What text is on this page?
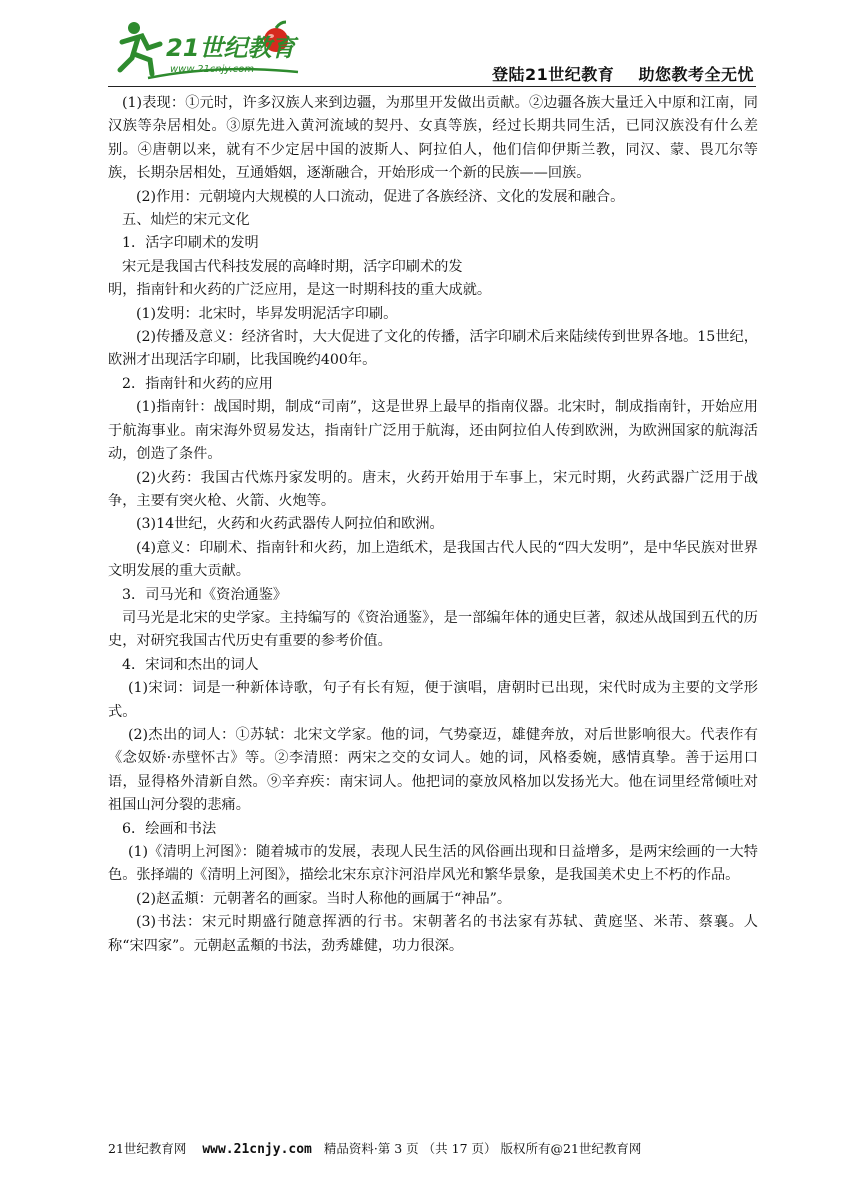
21世纪教育
www.21cnjy.com	登陆21世纪教育    助您教考全无忧

(1)表现：①元时，许多汉族人来到边疆，为那里开发做出贡献。②边疆各族大量迁入中原和江南，同汉族等杂居相处。③原先进入黄河流域的契丹、女真等族，经过长期共同生活，已同汉族没有什么差别。④唐朝以来，就有不少定居中国的波斯人、阿拉伯人，他们信仰伊斯兰教，同汉、蒙、畏兀尔等族，长期杂居相处，互通婚姻，逐渐融合，开始形成一个新的民族——回族。

(2)作用：元朝境内大规模的人口流动，促进了各族经济、文化的发展和融合。

五、灿烂的宋元文化

1．活字印刷术的发明

宋元是我国古代科技发展的高峰时期，活字印刷术的发

明，指南针和火药的广泛应用，是这一时期科技的重大成就。

(1)发明：北宋时，毕昇发明泥活字印刷。

(2)传播及意义：经济省时，大大促进了文化的传播，活字印刷术后来陆续传到世界各地。15世纪，欧洲才出现活字印刷，比我国晚约400年。

2．指南针和火药的应用

(1)指南针：战国时期，制成“司南”，这是世界上最早的指南仪器。北宋时，制成指南针，开始应用于航海事业。南宋海外贸易发达，指南针广泛用于航海，还由阿拉伯人传到欧洲，为欧洲国家的航海活动，创造了条件。

(2)火药：我国古代炼丹家发明的。唐末，火药开始用于车事上，宋元时期，火药武器广泛用于战争，主要有突火枪、火箭、火炮等。

(3)14世纪，火药和火药武器传人阿拉伯和欧洲。

(4)意义：印刷术、指南针和火药，加上造纸术，是我国古代人民的“四大发明”，是中华民族对世界文明发展的重大贡献。

3．司马光和《资治通鉴》

司马光是北宋的史学家。主持编写的《资治通鉴》，是一部编年体的通史巨著，叙述从战国到五代的历史，对研究我国古代历史有重要的参考价值。

4．宋词和杰出的词人

(1)宋词：词是一种新体诗歌，句子有长有短，便于演唱，唐朝时已出现，宋代时成为主要的文学形式。

(2)杰出的词人：①苏轼：北宋文学家。他的词，气势豪迈，雄健奔放，对后世影响很大。代表作有《念奴娇·赤壁怀古》等。②李清照：两宋之交的女词人。她的词，风格委婉，感情真挚。善于运用口语，显得格外清新自然。⑨辛弃疾：南宋词人。他把词的豪放风格加以发扬光大。他在词里经常倾吐对祖国山河分裂的悲痛。

6．绘画和书法

(1)《清明上河图》：随着城市的发展，表现人民生活的风俗画出现和日益增多，是两宋绘画的一大特色。张择端的《清明上河图》，描绘北宋东京汴河沿岸风光和繁华景象，是我国美术史上不朽的作品。

(2)赵孟頫：元朝著名的画家。当时人称他的画属于“神品”。

(3)书法：宋元时期盛行随意挥洒的行书。宋朝著名的书法家有苏轼、黄庭坚、米芾、蔡襄。人称“宋四家”。元朝赵孟頫的书法，劲秀雄健，功力很深。

21世纪教育网 www.21cnjy.com 精品资料·第 3 页 （共 17 页） 版权所有@21世纪教育网
